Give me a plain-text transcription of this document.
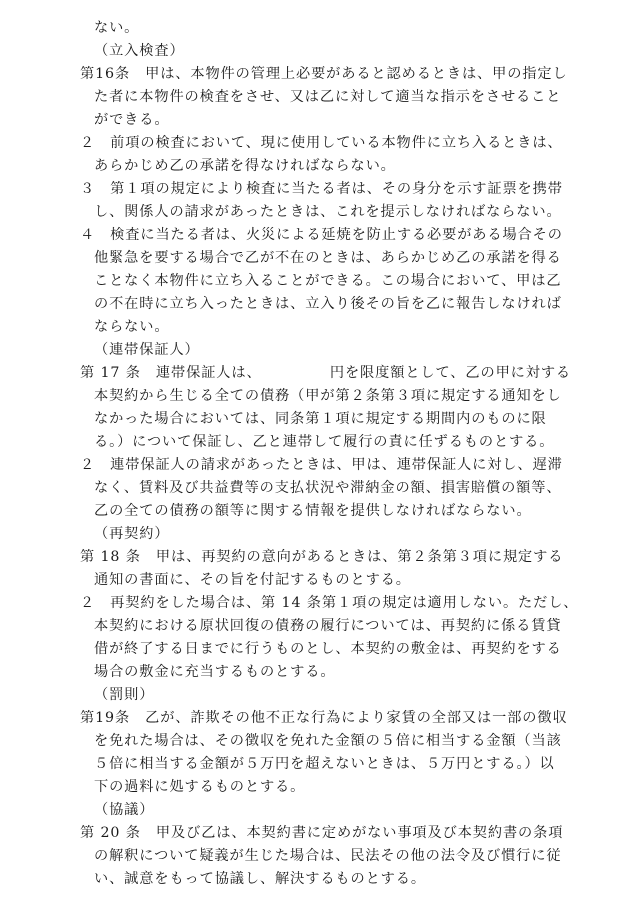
ない。
（立入検査）
第16条　甲は、本物件の管理上必要があると認めるときは、甲の指定し
た者に本物件の検査をさせ、又は乙に対して適当な指示をさせること
ができる。
２　前項の検査において、現に使用している本物件に立ち入るときは、
あらかじめ乙の承諾を得なければならない。
３　第１項の規定により検査に当たる者は、その身分を示す証票を携帯
し、関係人の請求があったときは、これを提示しなければならない。
４　検査に当たる者は、火災による延焼を防止する必要がある場合その
他緊急を要する場合で乙が不在のときは、あらかじめ乙の承諾を得る
ことなく本物件に立ち入ることができる。この場合において、甲は乙
の不在時に立ち入ったときは、立入り後その旨を乙に報告しなければ
ならない。
（連帯保証人）
第 17 条　連帯保証人は、　　　　　円を限度額として、乙の甲に対する
本契約から生じる全ての債務（甲が第２条第３項に規定する通知をし
なかった場合においては、同条第１項に規定する期間内のものに限
る。）について保証し、乙と連帯して履行の責に任ずるものとする。
２　連帯保証人の請求があったときは、甲は、連帯保証人に対し、遅滞
なく、賃料及び共益費等の支払状況や滞納金の額、損害賠償の額等、
乙の全ての債務の額等に関する情報を提供しなければならない。
（再契約）
第 18 条　甲は、再契約の意向があるときは、第２条第３項に規定する
通知の書面に、その旨を付記するものとする。
２　再契約をした場合は、第 14 条第１項の規定は適用しない。ただし、
本契約における原状回復の債務の履行については、再契約に係る賃貸
借が終了する日までに行うものとし、本契約の敷金は、再契約をする
場合の敷金に充当するものとする。
（罰則）
第19条　乙が、詐欺その他不正な行為により家賃の全部又は一部の徴収
を免れた場合は、その徴収を免れた金額の５倍に相当する金額（当該
５倍に相当する金額が５万円を超えないときは、５万円とする。）以
下の過料に処するものとする。
（協議）
第 20 条　甲及び乙は、本契約書に定めがない事項及び本契約書の条項
の解釈について疑義が生じた場合は、民法その他の法令及び慣行に従
い、誠意をもって協議し、解決するものとする。
